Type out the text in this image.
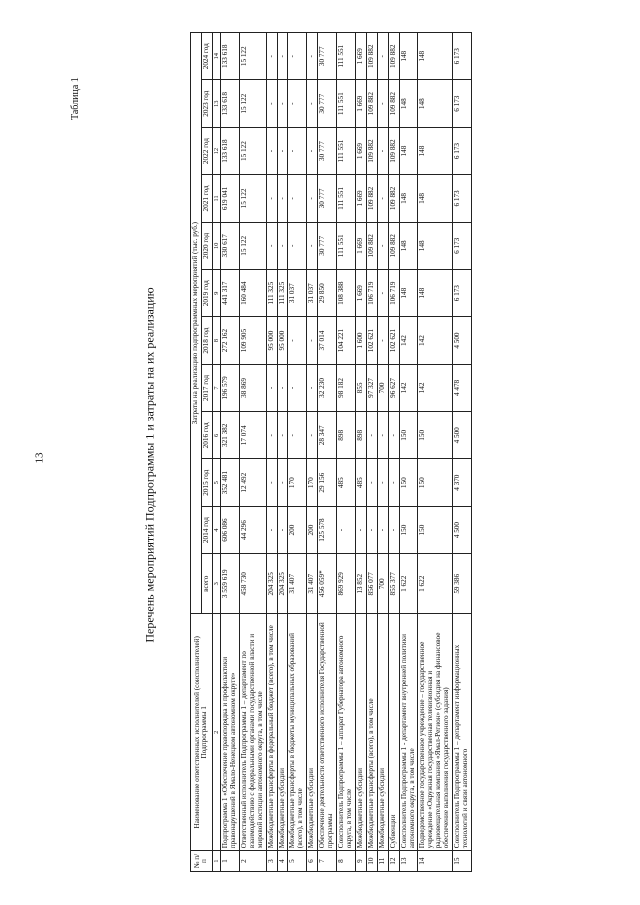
13
Таблица 1
Перечень мероприятий Подпрограммы 1 и затраты на их реализацию
№ п/п	Наименование ответственных исполнителей (соисполнителей) Подпрограммы 1	Затраты на реализацию подпрограммных мероприятий (тыс. руб.)											
		всего	2014 год	2015 год	2016 год	2017 год	2018 год	2019 год	2020 год	2021 год	2022 год	2023 год	2024 год
1	2	3	4	5	6	7	8	9	10	11	12	13	14
1	Подпрограмма 1 «Обеспечение правопорядка и профилактики правонарушений в Ямало-Ненецком автономном округе»	3 559 619	606 086	352 481	321 382	196 579	272 162	441 317	330 617	619 041	133 618	133 618	133 618
2	Ответственный исполнитель Подпрограммы 1 – департамент по взаимодействию с федеральными органами государственной власти и мировой юстиции автономного округа, в том числе	458 730	44 296	12 492	17 074	38 869	109 905	160 484	15 122	15 122	15 122	15 122	15 122
3	Межбюджетные трансферты в федеральный бюджет (всего), в том числе	204 325	-	-	-	-	95 000	111 325	-	-	-	-	-
4	Межбюджетные субсидии	204 325	-	-	-	-	95 000	111 325	-	-	-	-	-
5	Межбюджетные трансферты в бюджеты муниципальных образований (всего), в том числе	31 407	200	170	-	-	-	31 037	-	-	-	-	-
6	Межбюджетные субсидии	31 407	200	170	-	-	-	31 037	-	-	-	-	-
7	Обеспечение деятельности ответственного исполнителя Государственной программы	456 059*	125 578	29 156	28 347	32 230	37 014	29 850	30 777	30 777	30 777	30 777	30 777
8	Соисполнитель Подпрограммы 1 – аппарат Губернатора автономного округа, в том числе	869 929	-	485	898	98 182	104 221	108 388	111 551	111 551	111 551	111 551	111 551
9	Межбюджетные субсидии	13 852	-	485	898	855	1 600	1 669	1 669	1 669	1 669	1 669	1 669
10	Межбюджетные трансферты (всего), в том числе	856 077	-	-	-	97 327	102 621	106 719	109 882	109 882	109 882	109 882	109 882
11	Межбюджетные субсидии	700	-	-	-	700	-	-	-	-	-	-	-
12	Субвенции	855 377	-	-	-	96 627	102 621	106 719	109 882	109 882	109 882	109 882	109 882
13	Соисполнитель Подпрограммы 1 - департамент внутренней политики автономного округа, в том числе	1 622	150	150	150	142	142	148	148	148	148	148	148
14	Подведомственное государственное учреждение – государственное учреждение «Окружная государственная телевизионная и радиовещательная компания «Ямал-Регион» (субсидия на финансовое обеспечение выполнения государственного задания)	1 622	150	150	150	142	142	148	148	148	148	148	148
15	Соисполнитель Подпрограммы 1 – департамент информационных технологий и связи автономного	59 386	4 500	4 370	4 500	4 478	4 500	6 173	6 173	6 173	6 173	6 173	6 173
